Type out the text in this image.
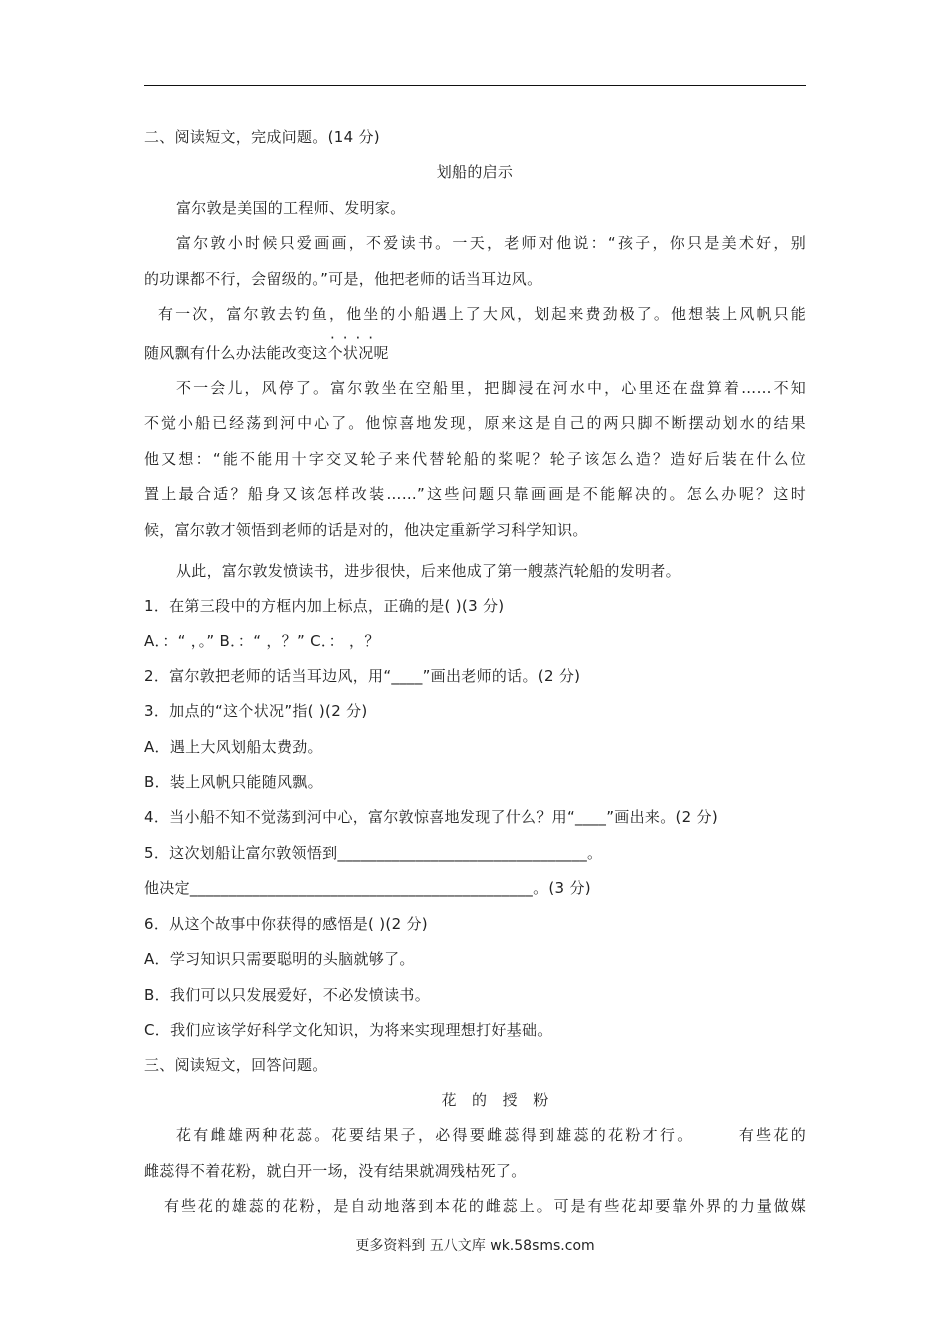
二、阅读短文，完成问题。(14 分)
划船的启示
富尔敦是美国的工程师、发明家。
富尔敦小时候只爱画画，不爱读书。一天，老师对他说：“孩子，你只是美术好，别
的功课都不行，会留级的。”可是，他把老师的话当耳边风。
有一次，富尔敦去钓鱼，他坐的小船遇上了大风，划起来费劲极了。他想装上风帆只能
····
随风飘有什么办法能改变这个状况呢
不一会儿，风停了。富尔敦坐在空船里，把脚浸在河水中，心里还在盘算着……不知
不觉小船已经荡到河中心了。他惊喜地发现，原来这是自己的两只脚不断摆动划水的结果
他又想：“能不能用十字交叉轮子来代替轮船的桨呢？轮子该怎么造？造好后装在什么位
置上最合适？船身又该怎样改装……”这些问题只靠画画是不能解决的。怎么办呢？这时
候，富尔敦才领悟到老师的话是对的，他决定重新学习科学知识。
从此，富尔敦发愤读书，进步很快，后来他成了第一艘蒸汽轮船的发明者。
1．在第三段中的方框内加上标点，正确的是( )(3 分)
A．：“ ，。” B．：“ ，？” C．： ，？
2．富尔敦把老师的话当耳边风，用“____”画出老师的话。(2 分)
3．加点的“这个状况”指( )(2 分)
A．遇上大风划船太费劲。
B．装上风帆只能随风飘。
4．当小船不知不觉荡到河中心，富尔敦惊喜地发现了什么？用“____”画出来。(2 分)
5．这次划船让富尔敦领悟到________________________________。
他决定____________________________________________。(3 分)
6．从这个故事中你获得的感悟是( )(2 分)
A．学习知识只需要聪明的头脑就够了。
B．我们可以只发展爱好，不必发愤读书。
C．我们应该学好科学文化知识，为将来实现理想打好基础。
三、阅读短文，回答问题。
花　的　授　粉
花有雌雄两种花蕊。花要结果子，必得要雌蕊得到雄蕊的花粉才行。　　　有些花的
雌蕊得不着花粉，就白开一场，没有结果就凋残枯死了。
有些花的雄蕊的花粉，是自动地落到本花的雌蕊上。可是有些花却要靠外界的力量做媒
更多资料到 五八文库 wk.58sms.com
